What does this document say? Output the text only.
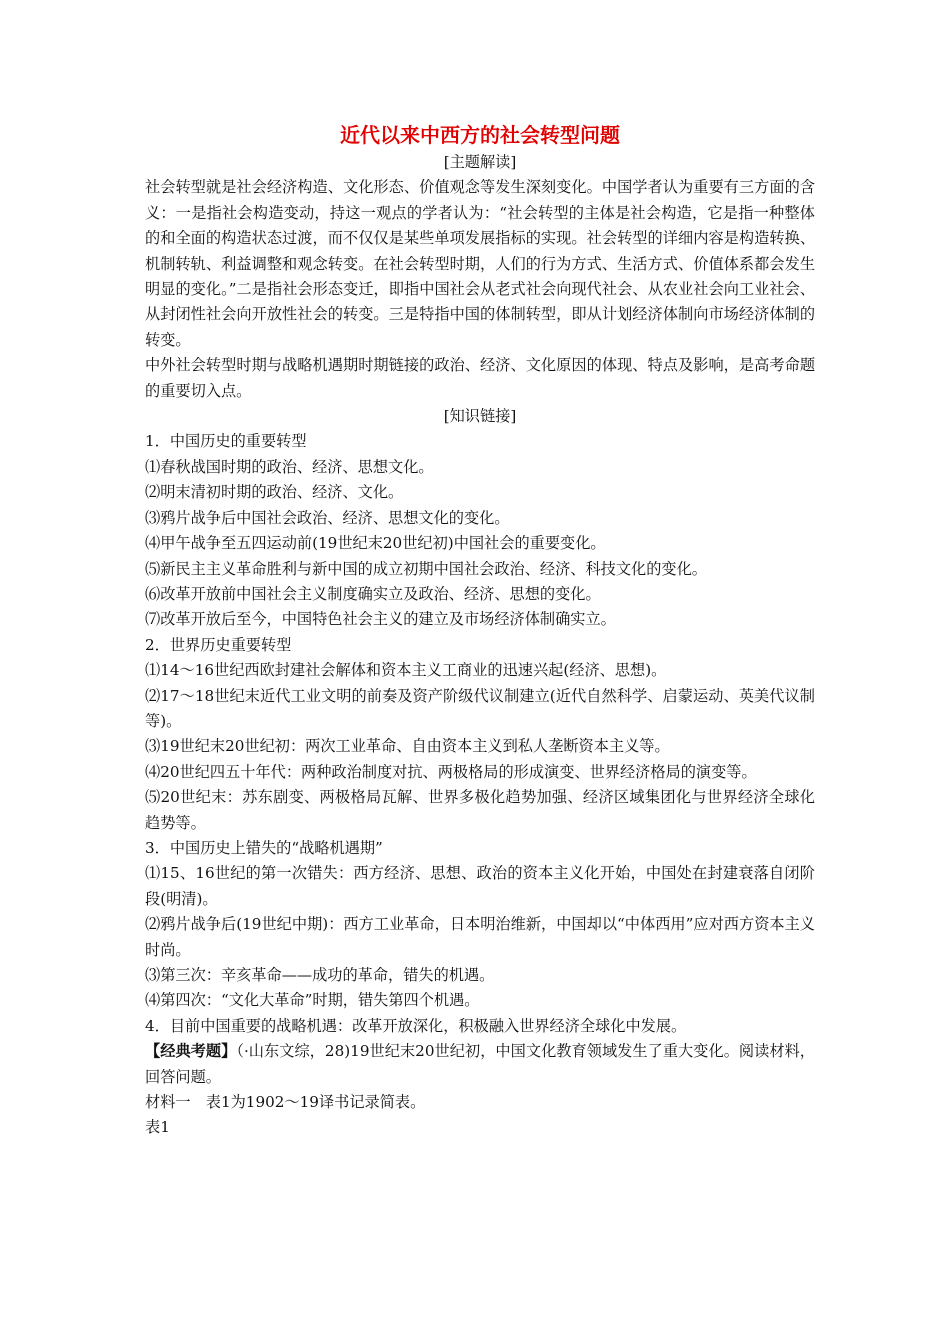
近代以来中西方的社会转型问题
[主题解读]

社会转型就是社会经济构造、文化形态、价值观念等发生深刻变化。中国学者认为重要有三方面的含义：一是指社会构造变动，持这一观点的学者认为：“社会转型的主体是社会构造，它是指一种整体的和全面的构造状态过渡，而不仅仅是某些单项发展指标的实现。社会转型的详细内容是构造转换、机制转轨、利益调整和观念转变。在社会转型时期，人们的行为方式、生活方式、价值体系都会发生明显的变化。”二是指社会形态变迁，即指中国社会从老式社会向现代社会、从农业社会向工业社会、从封闭性社会向开放性社会的转变。三是特指中国的体制转型，即从计划经济体制向市场经济体制的转变。

中外社会转型时期与战略机遇期时期链接的政治、经济、文化原因的体现、特点及影响，是高考命题的重要切入点。

[知识链接]

1．中国历史的重要转型

⑴春秋战国时期的政治、经济、思想文化。

⑵明末清初时期的政治、经济、文化。

⑶鸦片战争后中国社会政治、经济、思想文化的变化。

⑷甲午战争至五四运动前(19世纪末20世纪初)中国社会的重要变化。

⑸新民主主义革命胜利与新中国的成立初期中国社会政治、经济、科技文化的变化。

⑹改革开放前中国社会主义制度确实立及政治、经济、思想的变化。

⑺改革开放后至今，中国特色社会主义的建立及市场经济体制确实立。

2．世界历史重要转型

⑴14～16世纪西欧封建社会解体和资本主义工商业的迅速兴起(经济、思想)。

⑵17～18世纪末近代工业文明的前奏及资产阶级代议制建立(近代自然科学、启蒙运动、英美代议制等)。

⑶19世纪末20世纪初：两次工业革命、自由资本主义到私人垄断资本主义等。

⑷20世纪四五十年代：两种政治制度对抗、两极格局的形成演变、世界经济格局的演变等。

⑸20世纪末：苏东剧变、两极格局瓦解、世界多极化趋势加强、经济区域集团化与世界经济全球化趋势等。

3．中国历史上错失的“战略机遇期”

⑴15、16世纪的第一次错失：西方经济、思想、政治的资本主义化开始，中国处在封建衰落自闭阶段(明清)。

⑵鸦片战争后(19世纪中期)：西方工业革命，日本明治维新，中国却以“中体西用”应对西方资本主义时尚。

⑶第三次：辛亥革命——成功的革命，错失的机遇。

⑷第四次：“文化大革命”时期，错失第四个机遇。

4．目前中国重要的战略机遇：改革开放深化，积极融入世界经济全球化中发展。

【经典考题】（·山东文综，28)19世纪末20世纪初，中国文化教育领域发生了重大变化。阅读材料，回答问题。

材料一　表1为1902～19译书记录简表。

表1
